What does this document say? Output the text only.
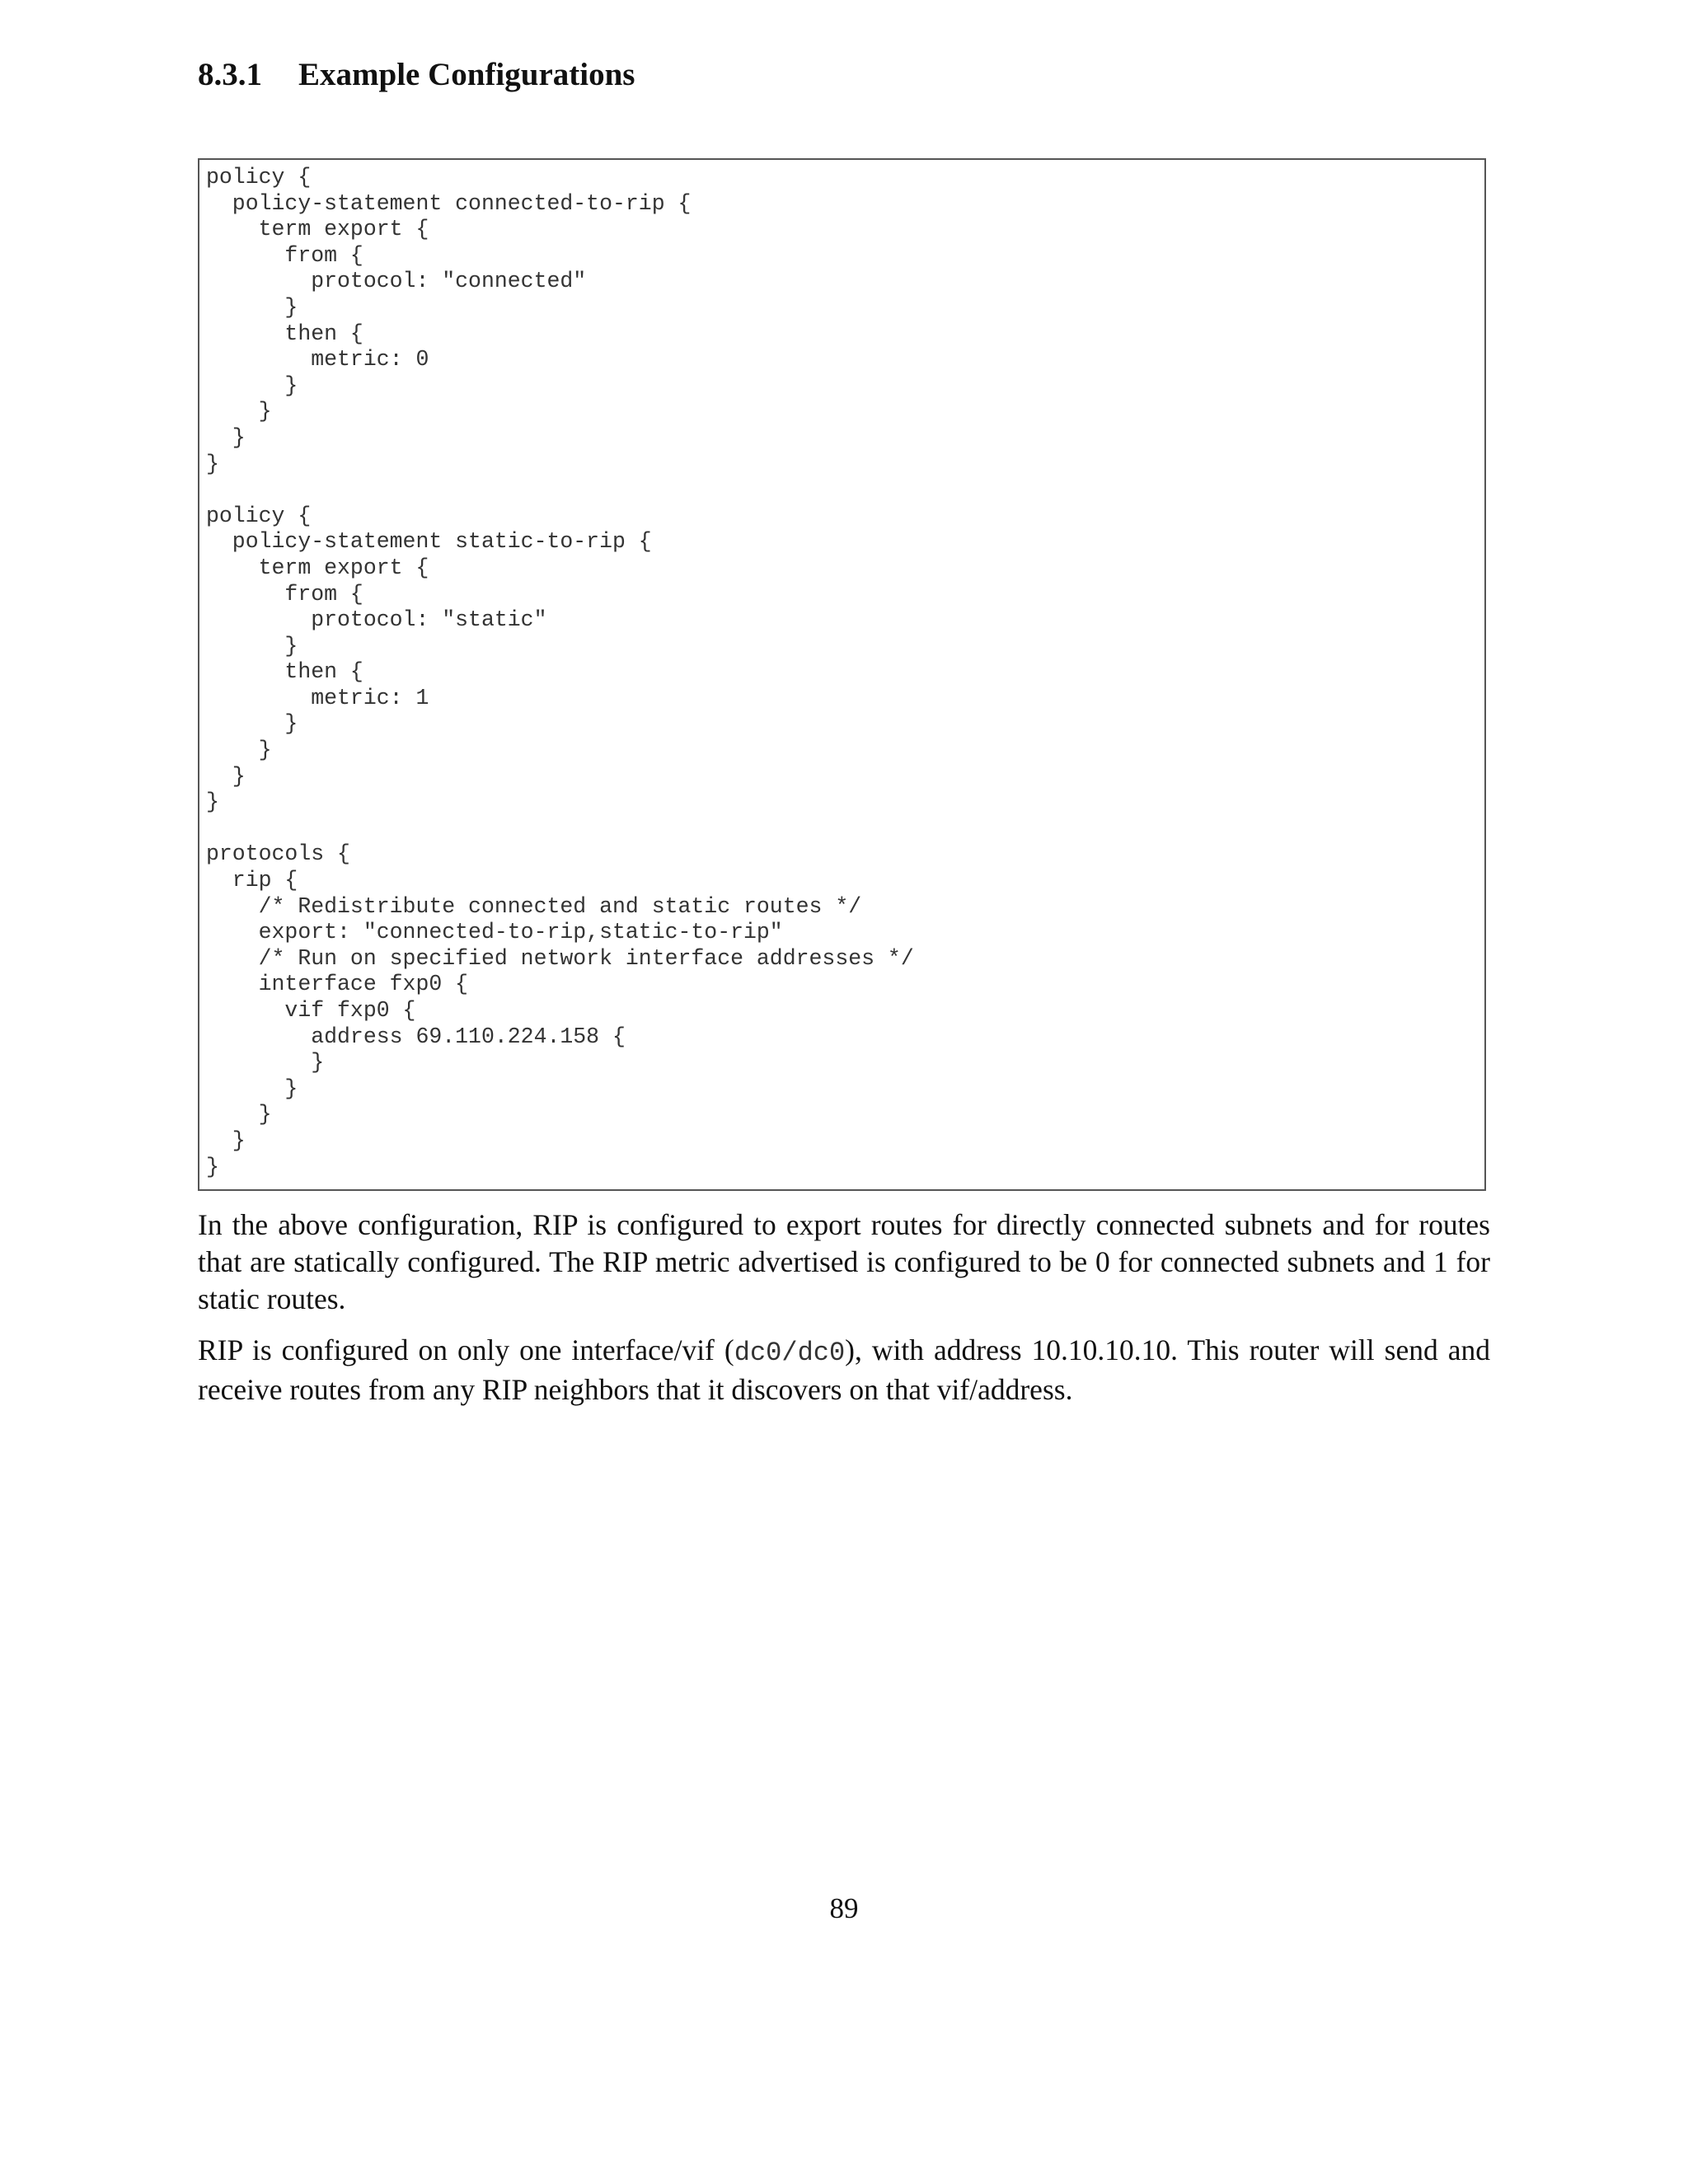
8.3.1 Example Configurations
policy {
policy-statement connected-to-rip {
term export {
from {
protocol: "connected"
}
then {
metric: 0
}
}
}
}

policy {
policy-statement static-to-rip {
term export {
from {
protocol: "static"
}
then {
metric: 1
}
}
}
}

protocols {
rip {
/* Redistribute connected and static routes */
export: "connected-to-rip,static-to-rip"
/* Run on specified network interface addresses */
interface fxp0 {
vif fxp0 {
address 69.110.224.158 {
}
}
}
}
}

In the above configuration, RIP is configured to export routes for directly connected subnets and for routes that are statically configured. The RIP metric advertised is configured to be 0 for connected subnets and 1 for static routes.

RIP is configured on only one interface/vif (dc0/dc0), with address 10.10.10.10. This router will send and receive routes from any RIP neighbors that it discovers on that vif/address.

89
